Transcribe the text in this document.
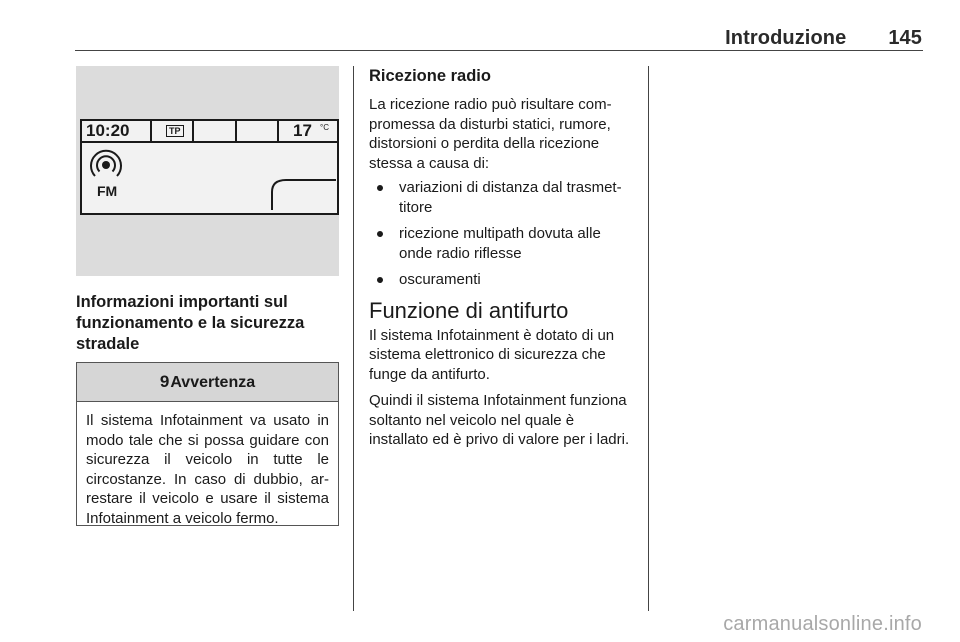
Introduzione 145
10:20	TP	17 °C
FM
Informazioni importanti sul funzionamento e la sicurezza stradale
9Avvertenza
Il sistema Infotainment va usato in modo tale che si possa guidare con sicurezza il veicolo in tutte le circostanze. In caso di dubbio, arrestare il veicolo e usare il sistema Infotainment a veicolo fermo.
Ricezione radio

La ricezione radio può risultare compromessa da disturbi statici, rumore, distorsioni o perdita della ricezione stessa a causa di:

variazioni di distanza dal trasmettitore
ricezione multipath dovuta alle onde radio riflesse
oscuramenti
Funzione di antifurto

Il sistema Infotainment è dotato di un sistema elettronico di sicurezza che funge da antifurto.

Quindi il sistema Infotainment funziona soltanto nel veicolo nel quale è installato ed è privo di valore per i ladri.

carmanualsonline.info
